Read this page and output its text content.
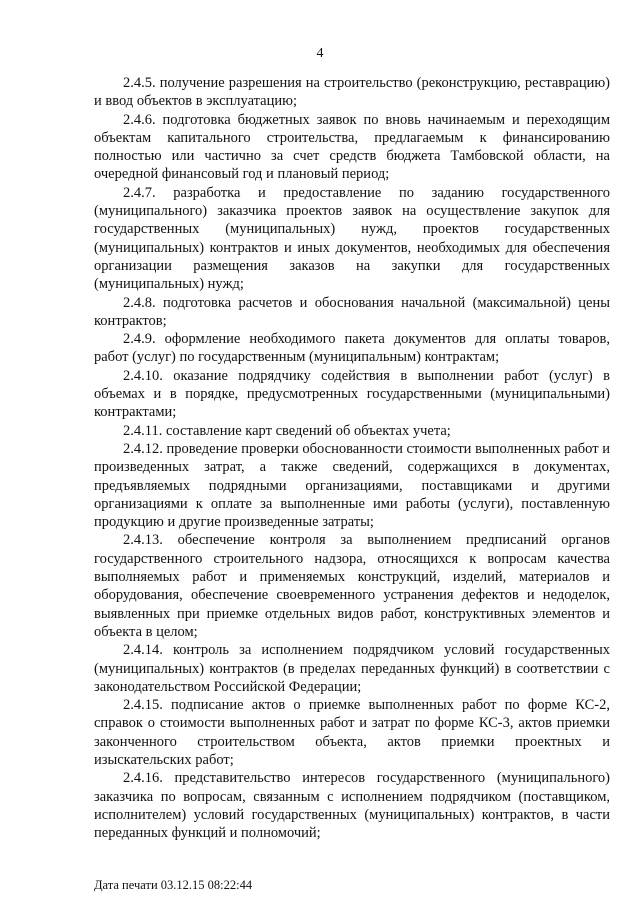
4

2.4.5. получение разрешения на строительство (реконструкцию, реставрацию) и ввод объектов в эксплуатацию;

2.4.6. подготовка бюджетных заявок по вновь начинаемым и переходящим объектам капитального строительства, предлагаемым к финансированию полностью или частично за счет средств бюджета Тамбовской области, на очередной финансовый год и плановый период;

2.4.7. разработка и предоставление по заданию государственного (муниципального) заказчика проектов заявок на осуществление закупок для государственных (муниципальных) нужд, проектов государственных (муниципальных) контрактов и иных документов, необходимых для обеспечения организации размещения заказов на закупки для государственных (муниципальных) нужд;

2.4.8. подготовка расчетов и обоснования начальной (максимальной) цены контрактов;

2.4.9. оформление необходимого пакета документов для оплаты товаров, работ (услуг) по государственным (муниципальным) контрактам;

2.4.10. оказание подрядчику содействия в выполнении работ (услуг) в объемах и в порядке, предусмотренных государственными (муниципальными) контрактами;

2.4.11. составление карт сведений об объектах учета;

2.4.12. проведение проверки обоснованности стоимости выполненных работ и произведенных затрат, а также сведений, содержащихся в документах, предъявляемых подрядными организациями, поставщиками и другими организациями к оплате за выполненные ими работы (услуги), поставленную продукцию и другие произведенные затраты;

2.4.13. обеспечение контроля за выполнением предписаний органов государственного строительного надзора, относящихся к вопросам качества выполняемых работ и применяемых конструкций, изделий, материалов и оборудования, обеспечение своевременного устранения дефектов и недоделок, выявленных при приемке отдельных видов работ, конструктивных элементов и объекта в целом;

2.4.14. контроль за исполнением подрядчиком условий государственных (муниципальных) контрактов (в пределах переданных функций) в соответствии с законодательством Российской Федерации;

2.4.15. подписание актов о приемке выполненных работ по форме КС-2, справок о стоимости выполненных работ и затрат по форме КС-3, актов приемки законченного строительством объекта, актов приемки проектных и изыскательских работ;

2.4.16. представительство интересов государственного (муниципального) заказчика по вопросам, связанным с исполнением подрядчиком (поставщиком, исполнителем) условий государственных (муниципальных) контрактов, в части переданных функций и полномочий;

Дата печати 03.12.15 08:22:44
